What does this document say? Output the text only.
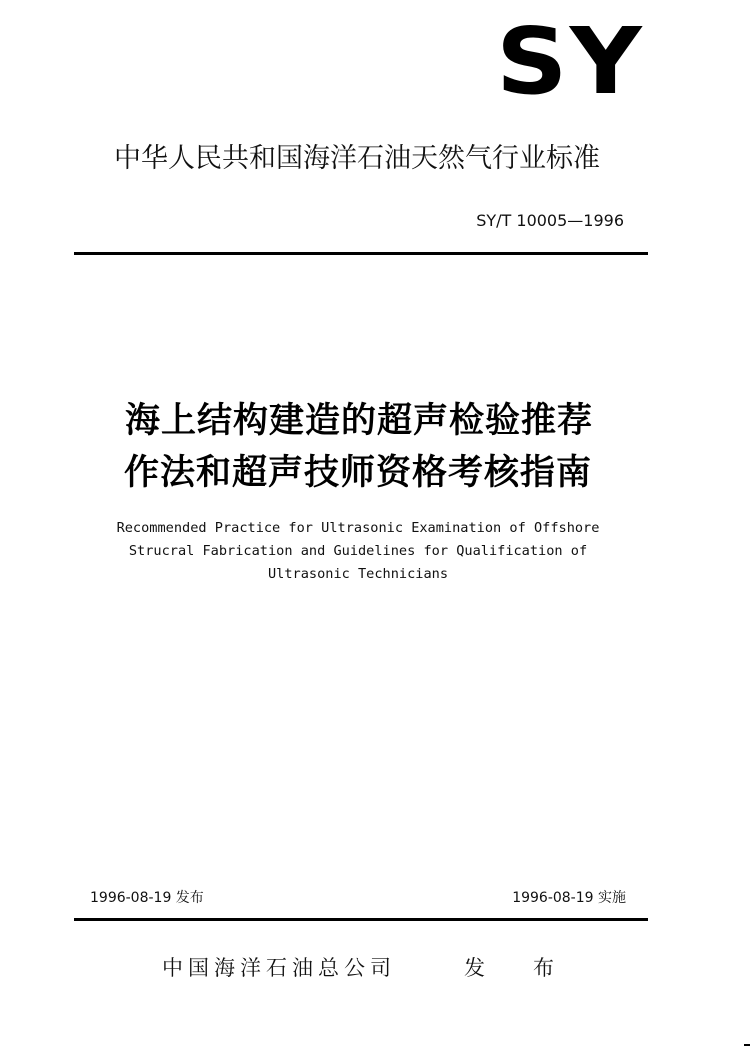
SY
中华人民共和国海洋石油天然气行业标准
SY/T 10005—1996
海上结构建造的超声检验推荐
作法和超声技师资格考核指南
Recommended Practice for Ultrasonic Examination of Offshore
Strucral Fabrication and Guidelines for Qualification of
Ultrasonic Technicians
1996-08-19 发布	1996-08-19 实施
中国海洋石油总公司	发布
